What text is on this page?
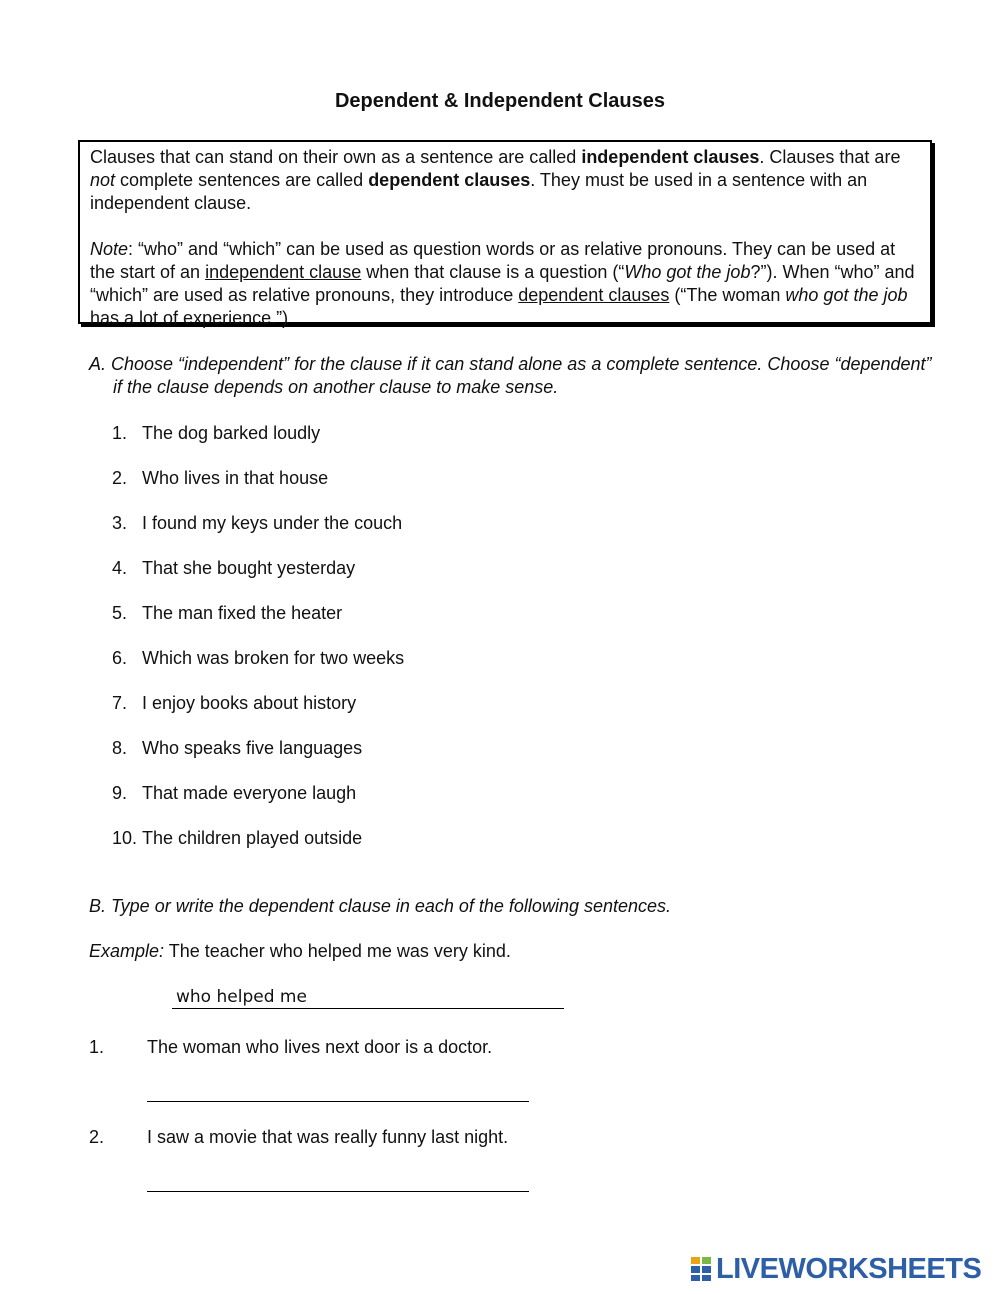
Dependent & Independent Clauses

Clauses that can stand on their own as a sentence are called independent clauses. Clauses that are not complete sentences are called dependent clauses. They must be used in a sentence with an independent clause.

Note: “who” and “which” can be used as question words or as relative pronouns. They can be used at the start of an independent clause when that clause is a question (“Who got the job?”). When “who” and “which” are used as relative pronouns, they introduce dependent clauses (“The woman who got the job has a lot of experience.”)

A. Choose “independent” for the clause if it can stand alone as a complete sentence. Choose “dependent” if the clause depends on another clause to make sense.
1. The dog barked loudly
2. Who lives in that house
3. I found my keys under the couch
4. That she bought yesterday
5. The man fixed the heater
6. Which was broken for two weeks
7. I enjoy books about history
8. Who speaks five languages
9. That made everyone laugh
10. The children played outside
B. Type or write the dependent clause in each of the following sentences.
Example: The teacher who helped me was very kind.
who helped me
1. The woman who lives next door is a doctor.
2. I saw a movie that was really funny last night.
LIVEWORKSHEETS
